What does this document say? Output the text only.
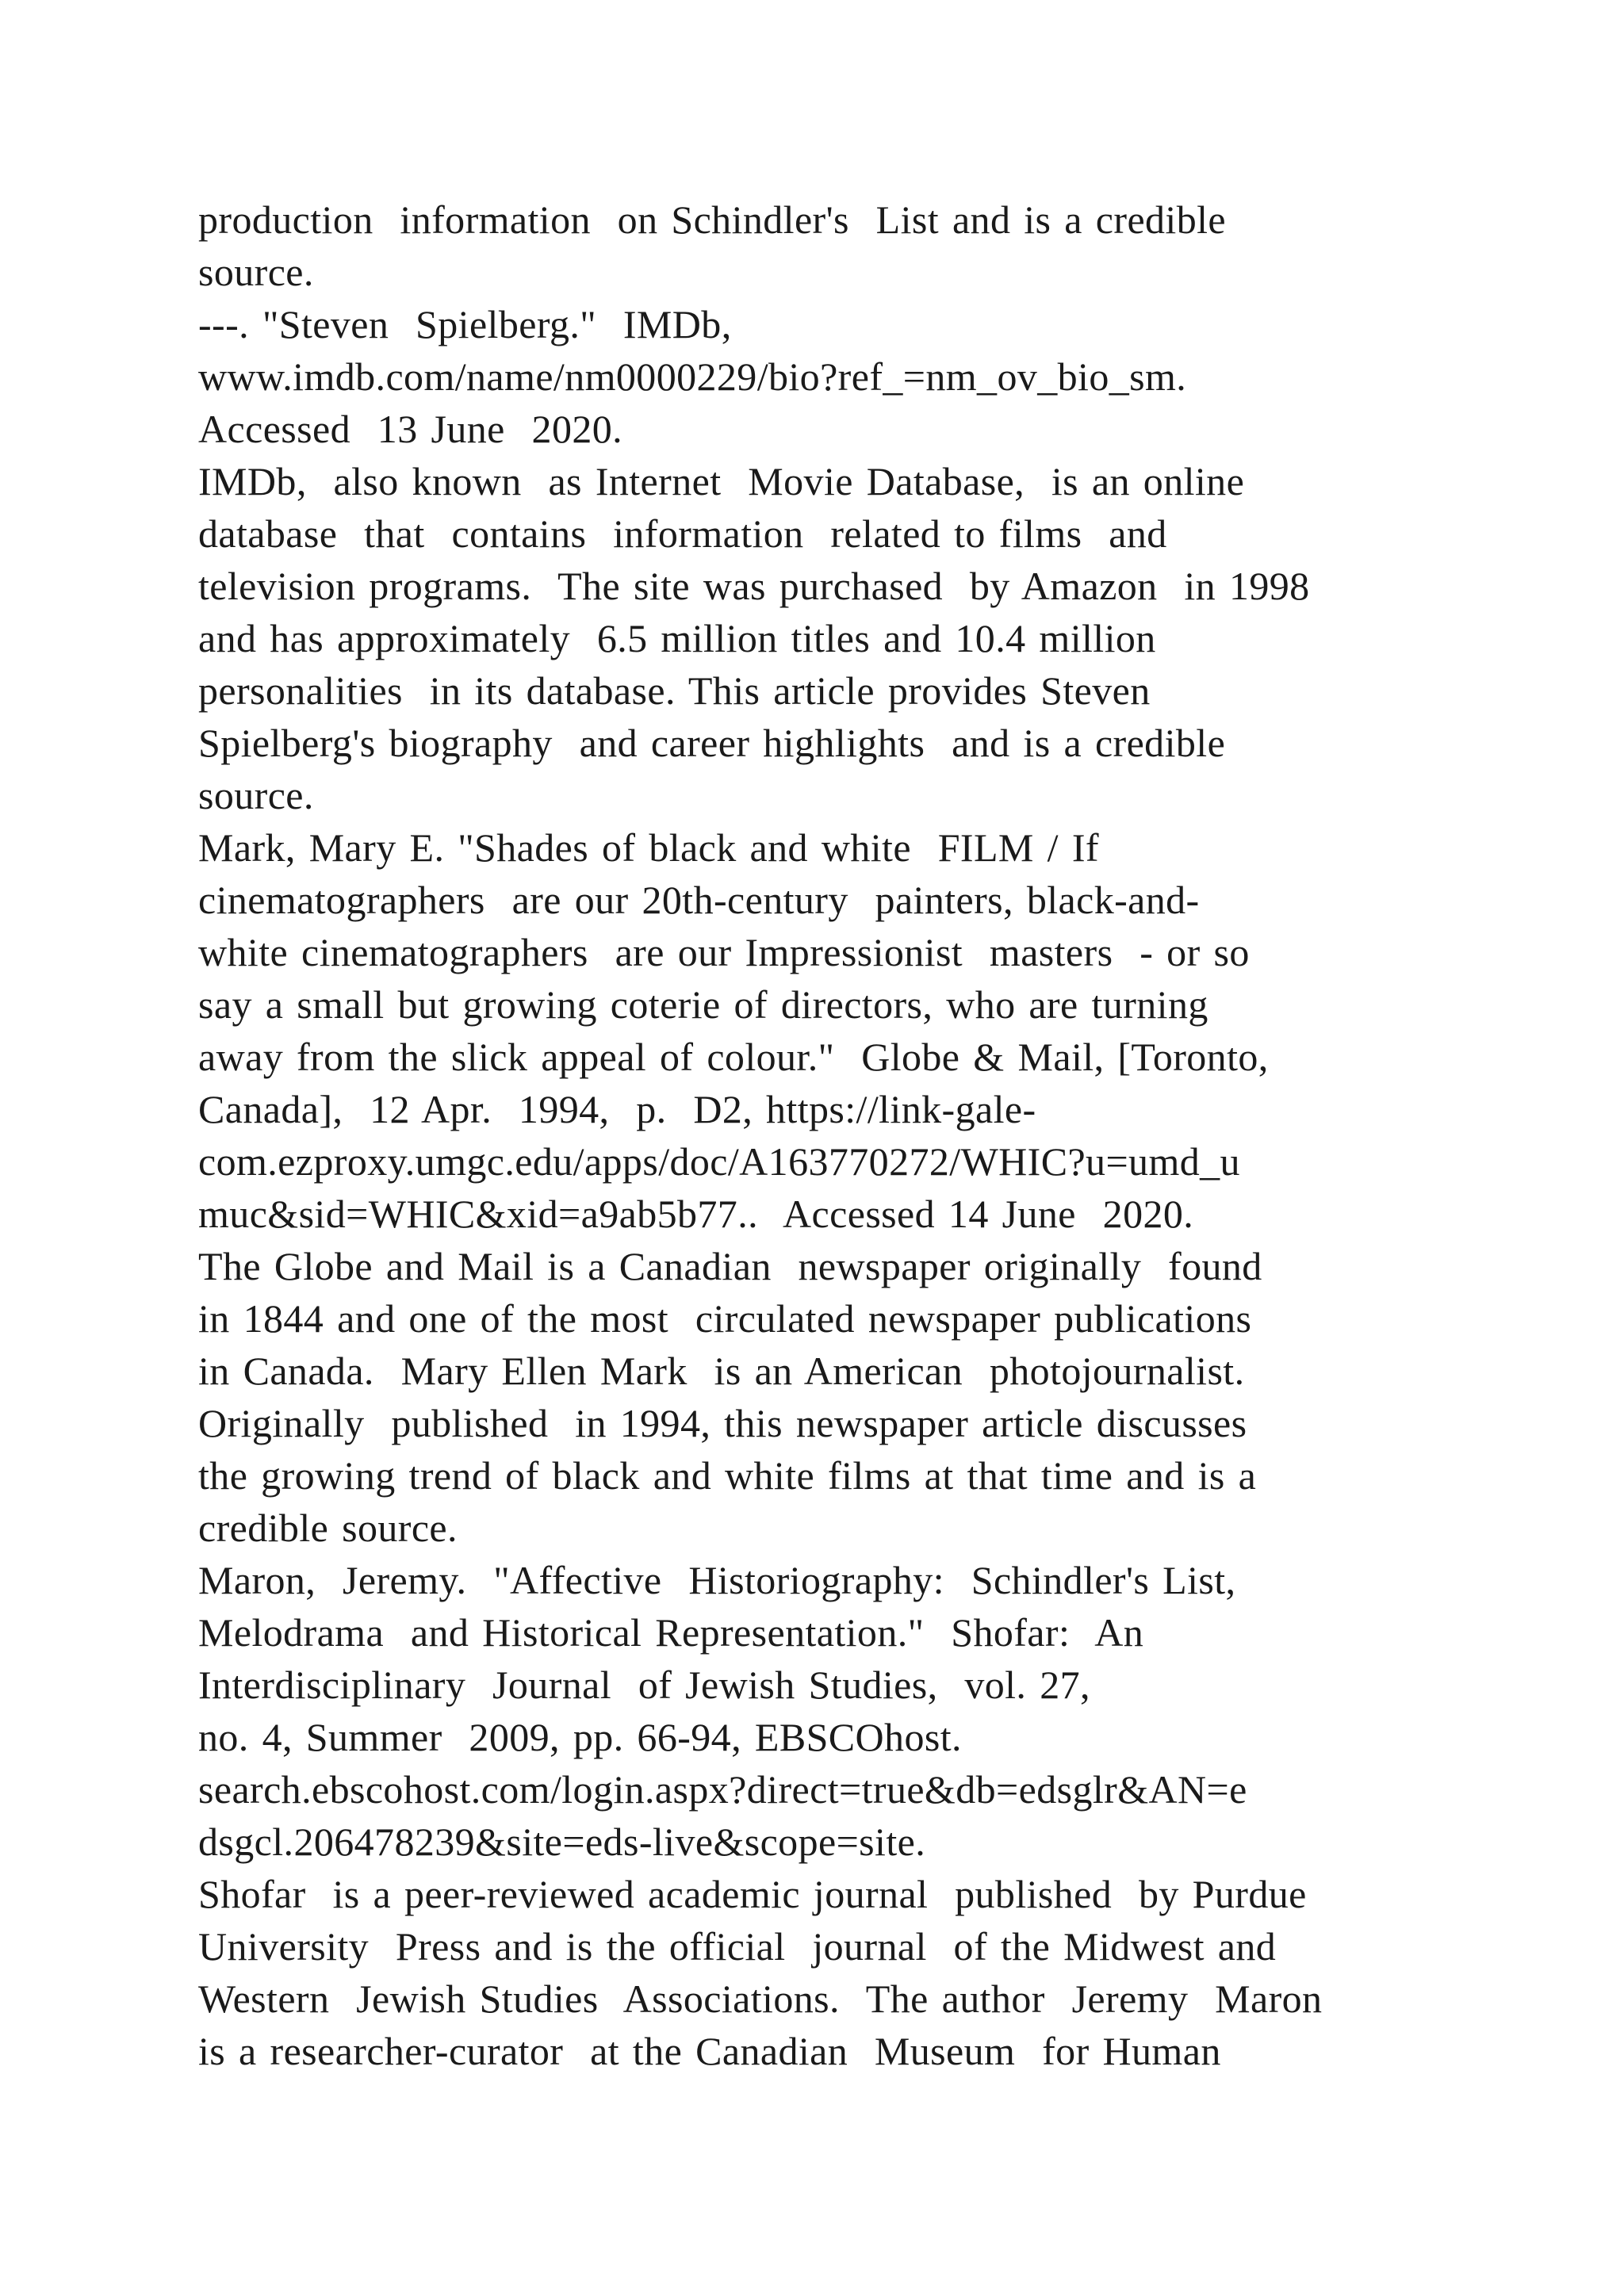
production  information  on Schindler's  List and is a credible
source.
---. "Steven  Spielberg."  IMDb,
www.imdb.com/name/nm0000229/bio?ref_=nm_ov_bio_sm.
Accessed  13 June  2020.
IMDb,  also known  as Internet  Movie Database,  is an online
database  that  contains  information  related to films  and
television programs.  The site was purchased  by Amazon  in 1998
and has approximately  6.5 million titles and 10.4 million
personalities  in its database. This article provides Steven
Spielberg's biography  and career highlights  and is a credible
source.
Mark, Mary E. "Shades of black and white  FILM / If
cinematographers  are our 20th-century  painters, black-and-
white cinematographers  are our Impressionist  masters  - or so
say a small but growing coterie of directors, who are turning
away from the slick appeal of colour."  Globe & Mail, [Toronto,
Canada],  12 Apr.  1994,  p.  D2, https://link-gale-
com.ezproxy.umgc.edu/apps/doc/A163770272/WHIC?u=umd_u
muc&sid=WHIC&xid=a9ab5b77..  Accessed 14 June  2020.
The Globe and Mail is a Canadian  newspaper originally  found
in 1844 and one of the most  circulated newspaper publications
in Canada.  Mary Ellen Mark  is an American  photojournalist.
Originally  published  in 1994, this newspaper article discusses
the growing trend of black and white films at that time and is a
credible source.
Maron,  Jeremy.  "Affective  Historiography:  Schindler's List,
Melodrama  and Historical Representation."  Shofar:  An
Interdisciplinary  Journal  of Jewish Studies,  vol. 27,
no. 4, Summer  2009, pp. 66-94, EBSCOhost.
search.ebscohost.com/login.aspx?direct=true&db=edsglr&AN=e
dsgcl.206478239&site=eds-live&scope=site.
Shofar  is a peer-reviewed academic journal  published  by Purdue
University  Press and is the official  journal  of the Midwest and
Western  Jewish Studies  Associations.  The author  Jeremy  Maron
is a researcher-curator  at the Canadian  Museum  for Human
